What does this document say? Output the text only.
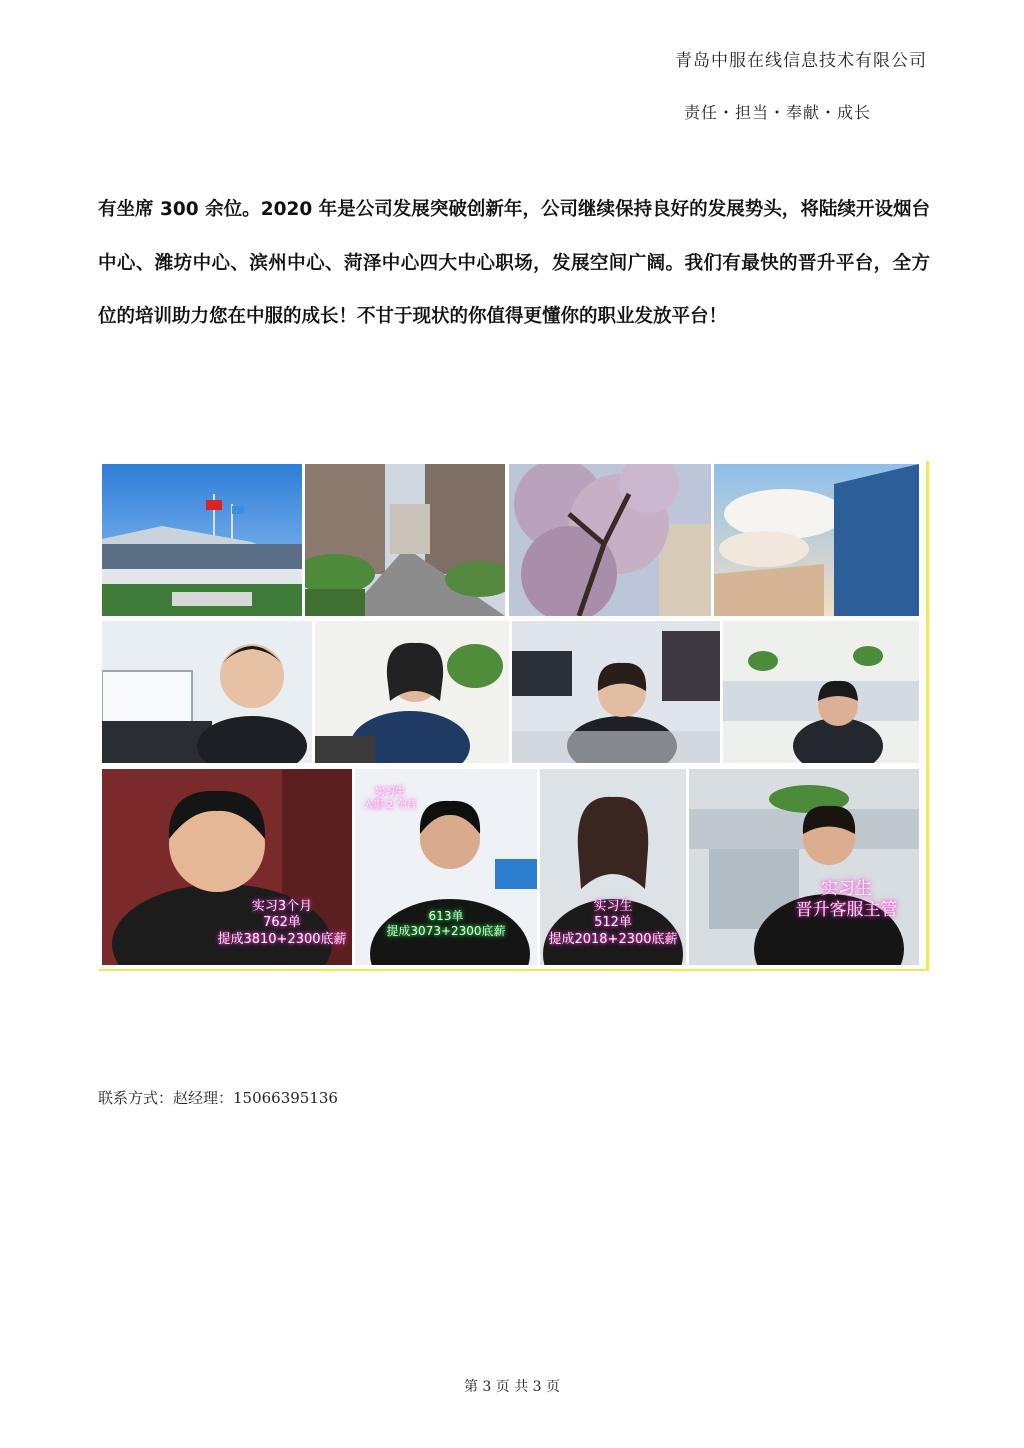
青岛中服在线信息技术有限公司
责任・担当・奉献・成长

有坐席 300 余位。2020 年是公司发展突破创新年，公司继续保持良好的发展势头，将陆续开设烟台中心、潍坊中心、滨州中心、菏泽中心四大中心职场，发展空间广阔。我们有最快的晋升平台，全方位的培训助力您在中服的成长！不甘于现状的你值得更懂你的职业发放平台！

实习3个月
762单
提成3810+2300底薪
实习生
入职 2 个月
613单
提成3073+2300底薪
实习生
512单
提成2018+2300底薪
实习生
晋升客服主管
联系方式：赵经理：15066395136
第 3 页 共 3 页
